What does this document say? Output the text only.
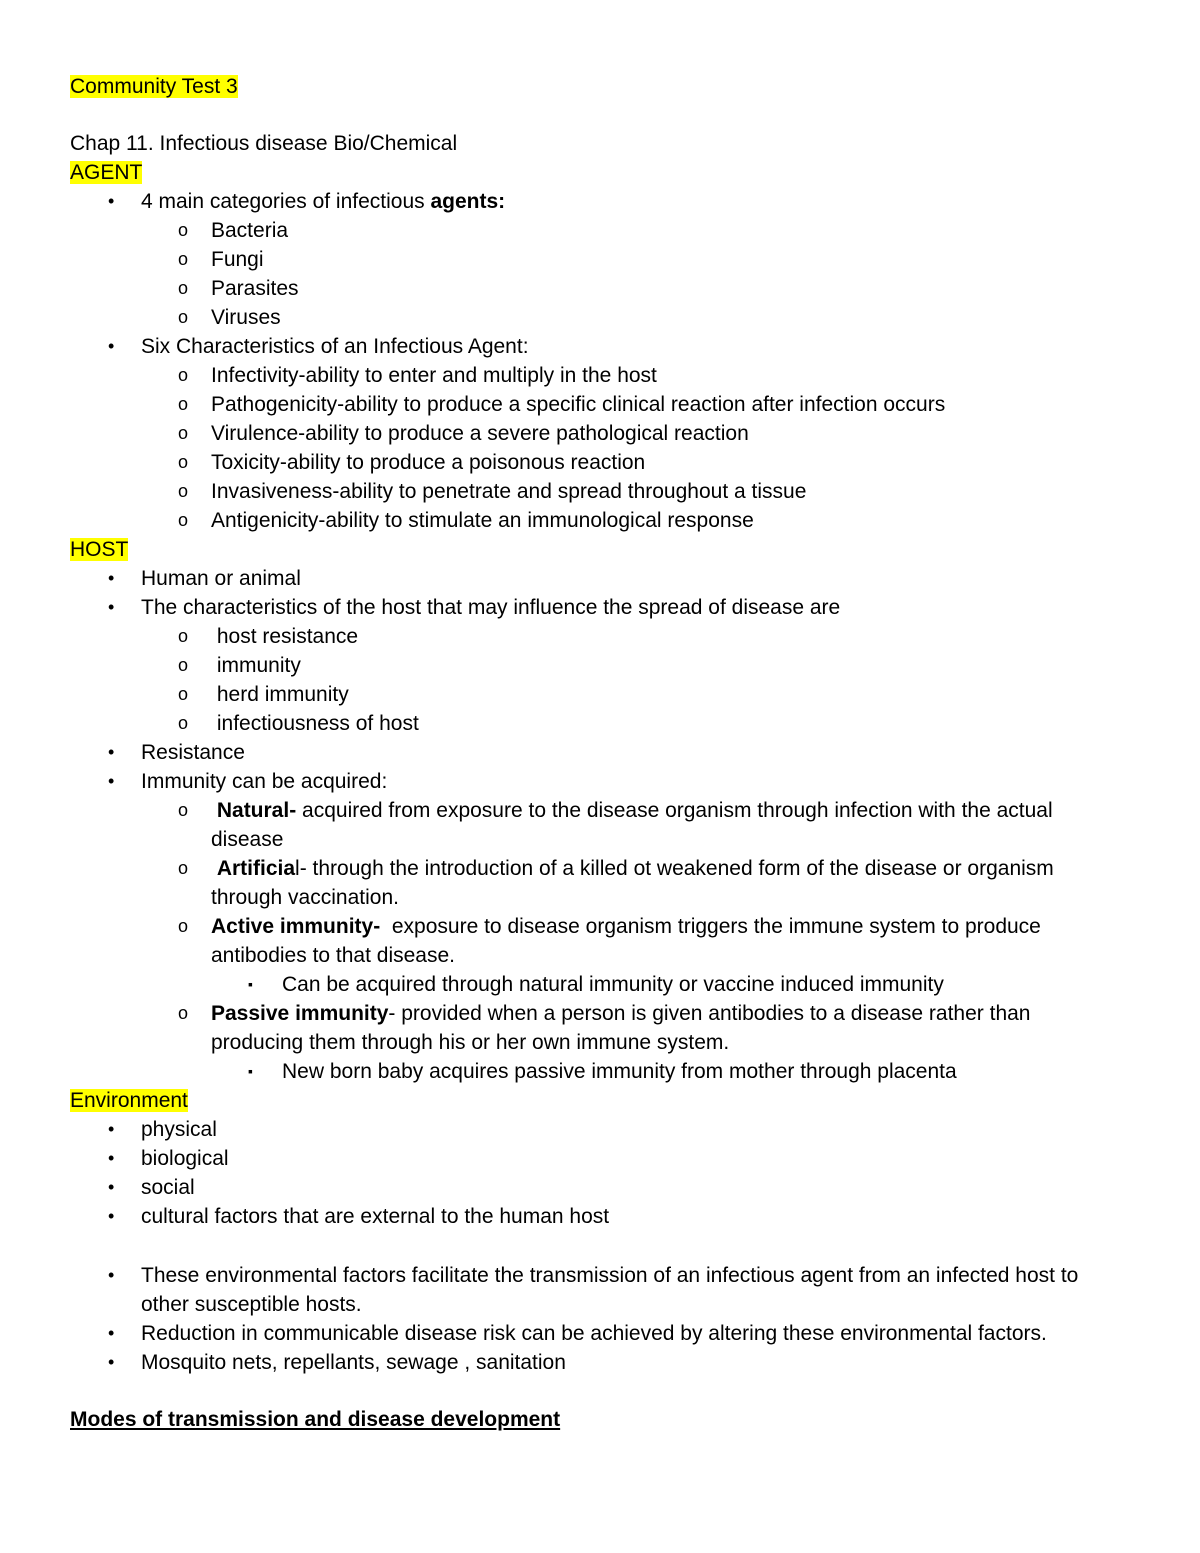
Community Test 3
Chap 11. Infectious disease Bio/Chemical
AGENT
• 4 main categories of infectious agents:
o Bacteria
o Fungi
o Parasites
o Viruses
• Six Characteristics of an Infectious Agent:
o Infectivity-ability to enter and multiply in the host
o Pathogenicity-ability to produce a specific clinical reaction after infection occurs
o Virulence-ability to produce a severe pathological reaction
o Toxicity-ability to produce a poisonous reaction
o Invasiveness-ability to penetrate and spread throughout a tissue
o Antigenicity-ability to stimulate an immunological response
HOST
• Human or animal
• The characteristics of the host that may influence the spread of disease are
o host resistance
o immunity
o herd immunity
o infectiousness of host
• Resistance
• Immunity can be acquired:
o Natural- acquired from exposure to the disease organism through infection with the actual
disease
o Artificial- through the introduction of a killed ot weakened form of the disease or organism
through vaccination.
o Active immunity-  exposure to disease organism triggers the immune system to produce
antibodies to that disease.
▪ Can be acquired through natural immunity or vaccine induced immunity
o Passive immunity- provided when a person is given antibodies to a disease rather than
producing them through his or her own immune system.
▪ New born baby acquires passive immunity from mother through placenta
Environment
• physical
• biological
• social
• cultural factors that are external to the human host
• These environmental factors facilitate the transmission of an infectious agent from an infected host to
other susceptible hosts.
• Reduction in communicable disease risk can be achieved by altering these environmental factors.
• Mosquito nets, repellants, sewage , sanitation
Modes of transmission and disease development
